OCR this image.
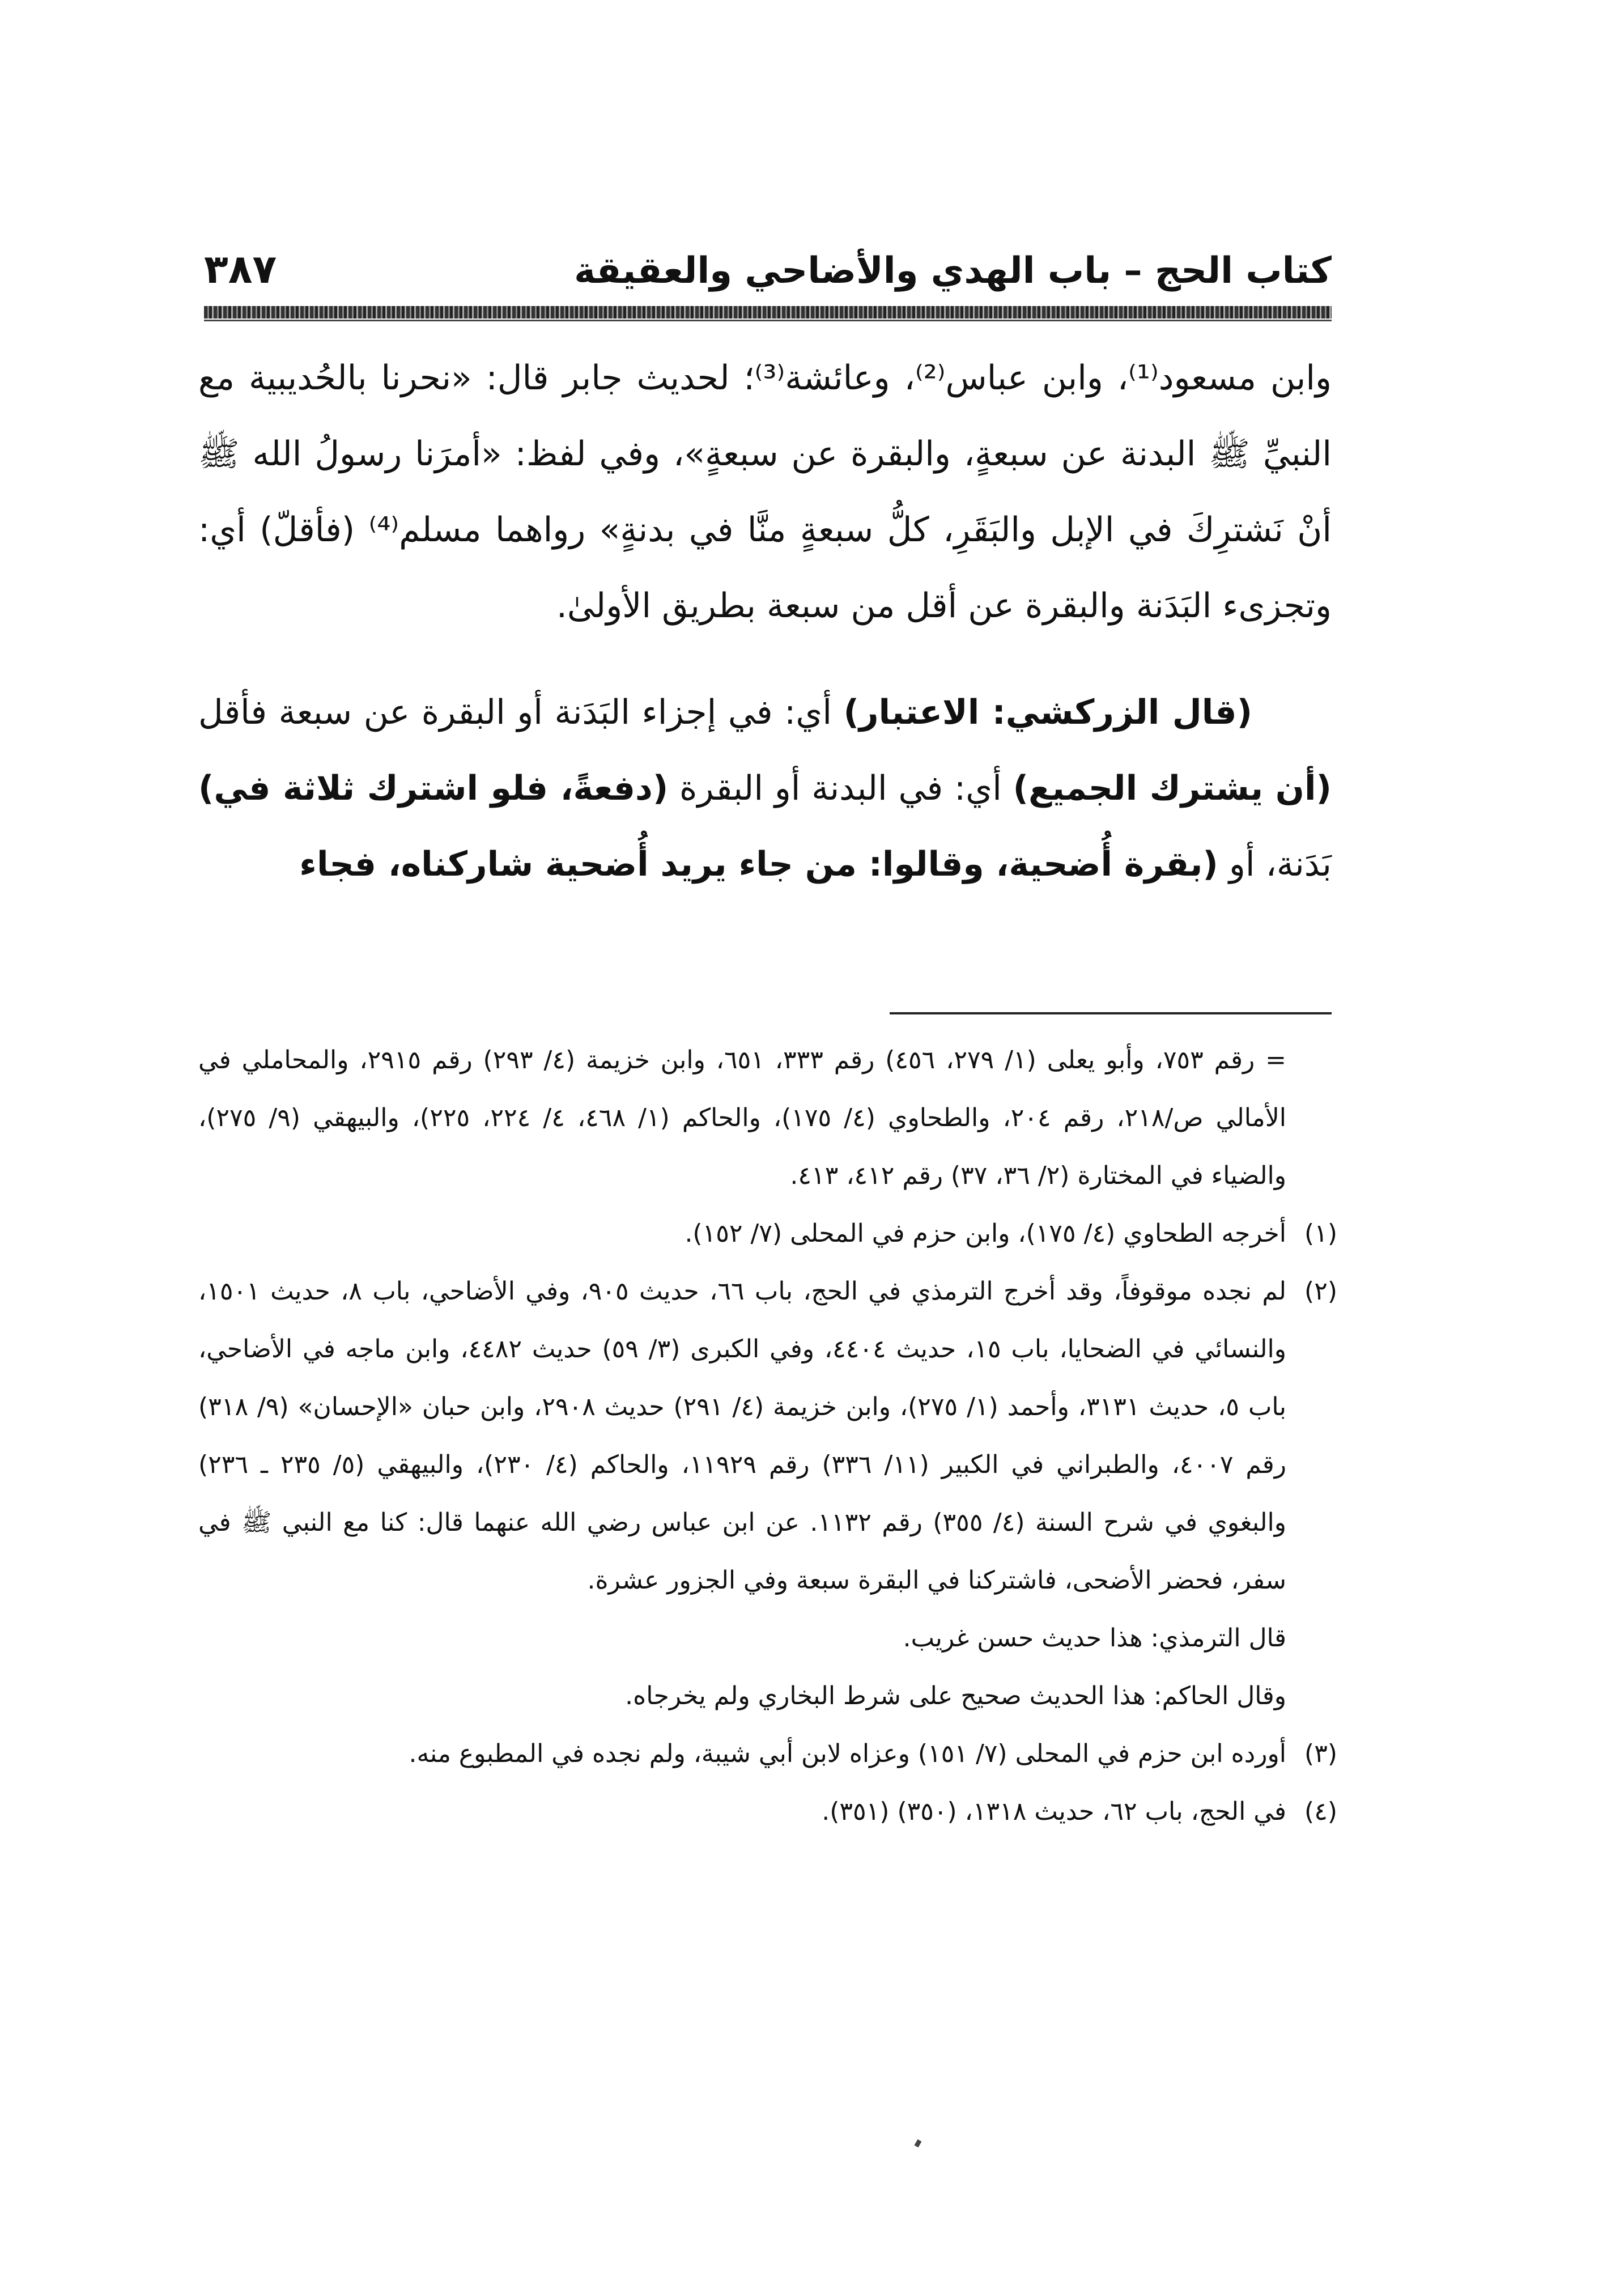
كتاب الحج – باب الهدي والأضاحي والعقيقة
٣٨٧

وابن مسعود⁽¹⁾، وابن عباس⁽²⁾، وعائشة⁽³⁾؛ لحديث جابر قال: «نحرنا بالحُديبية مع النبيِّ ﷺ البدنة عن سبعةٍ، والبقرة عن سبعةٍ»، وفي لفظ: «أمرَنا رسولُ الله ﷺ أنْ نَشترِكَ في الإبل والبَقَرِ، كلُّ سبعةٍ منَّا في بدنةٍ» رواهما مسلم⁽⁴⁾ (فأقلّ) أي: وتجزىء البَدَنة والبقرة عن أقل من سبعة بطريق الأولىٰ.

(قال الزركشي: الاعتبار) أي: في إجزاء البَدَنة أو البقرة عن سبعة فأقل (أن يشترك الجميع) أي: في البدنة أو البقرة (دفعةً، فلو اشترك ثلاثة في) بَدَنة، أو (بقرة أُضحية، وقالوا: من جاء يريد أُضحية شاركناه، فجاء

= رقم ٧٥٣، وأبو يعلى (١/ ٢٧٩، ٤٥٦) رقم ٣٣٣، ٦٥١، وابن خزيمة (٤/ ٢٩٣) رقم ٢٩١٥، والمحاملي في الأمالي ص/٢١٨، رقم ٢٠٤، والطحاوي (٤/ ١٧٥)، والحاكم (١/ ٤٦٨، ٤/ ٢٢٤، ٢٢٥)، والبيهقي (٩/ ٢٧٥)، والضياء في المختارة (٢/ ٣٦، ٣٧) رقم ٤١٢، ٤١٣.
(١)
أخرجه الطحاوي (٤/ ١٧٥)، وابن حزم في المحلى (٧/ ١٥٢).
(٢)
لم نجده موقوفاً، وقد أخرج الترمذي في الحج، باب ٦٦، حديث ٩٠٥، وفي الأضاحي، باب ٨، حديث ١٥٠١، والنسائي في الضحايا، باب ١٥، حديث ٤٤٠٤، وفي الكبرى (٣/ ٥٩) حديث ٤٤٨٢، وابن ماجه في الأضاحي، باب ٥، حديث ٣١٣١، وأحمد (١/ ٢٧٥)، وابن خزيمة (٤/ ٢٩١) حديث ٢٩٠٨، وابن حبان «الإحسان» (٩/ ٣١٨) رقم ٤٠٠٧، والطبراني في الكبير (١١/ ٣٣٦) رقم ١١٩٢٩، والحاكم (٤/ ٢٣٠)، والبيهقي (٥/ ٢٣٥ ـ ٢٣٦) والبغوي في شرح السنة (٤/ ٣٥٥) رقم ١١٣٢. عن ابن عباس رضي الله عنهما قال: كنا مع النبي ﷺ في سفر، فحضر الأضحى، فاشتركنا في البقرة سبعة وفي الجزور عشرة.
قال الترمذي: هذا حديث حسن غريب.
وقال الحاكم: هذا الحديث صحيح على شرط البخاري ولم يخرجاه.
(٣)
أورده ابن حزم في المحلى (٧/ ١٥١) وعزاه لابن أبي شيبة، ولم نجده في المطبوع منه.
(٤)
في الحج، باب ٦٢، حديث ١٣١٨، (٣٥٠) (٣٥١).
